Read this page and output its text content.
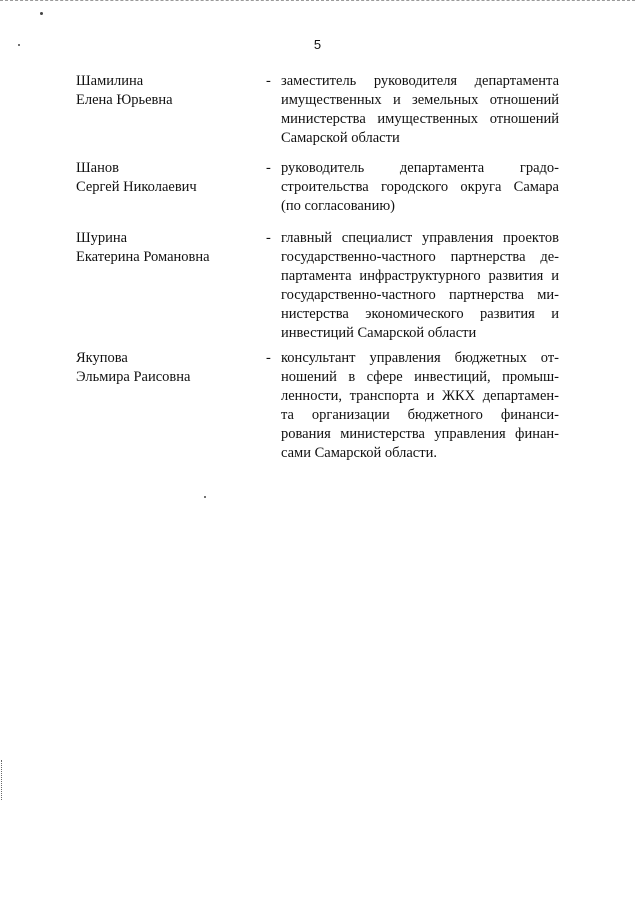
5
Шамилина
Елена Юрьевна
- заместитель руководителя департамента
имущественных и земельных отношений
министерства имущественных отношений
Самарской области
Шанов
Сергей Николаевич
- руководитель департамента градо-
строительства городского округа Самара
(по согласованию)
Шурина
Екатерина Романовна
- главный специалист управления проектов
государственно-частного партнерства де-
партамента инфраструктурного развития и
государственно-частного партнерства ми-
нистерства экономического развития и
инвестиций Самарской области
Якупова
Эльмира Раисовна
- консультант управления бюджетных от-
ношений в сфере инвестиций, промыш-
ленности, транспорта и ЖКХ департамен-
та организации бюджетного финанси-
рования министерства управления финан-
сами Самарской области.
